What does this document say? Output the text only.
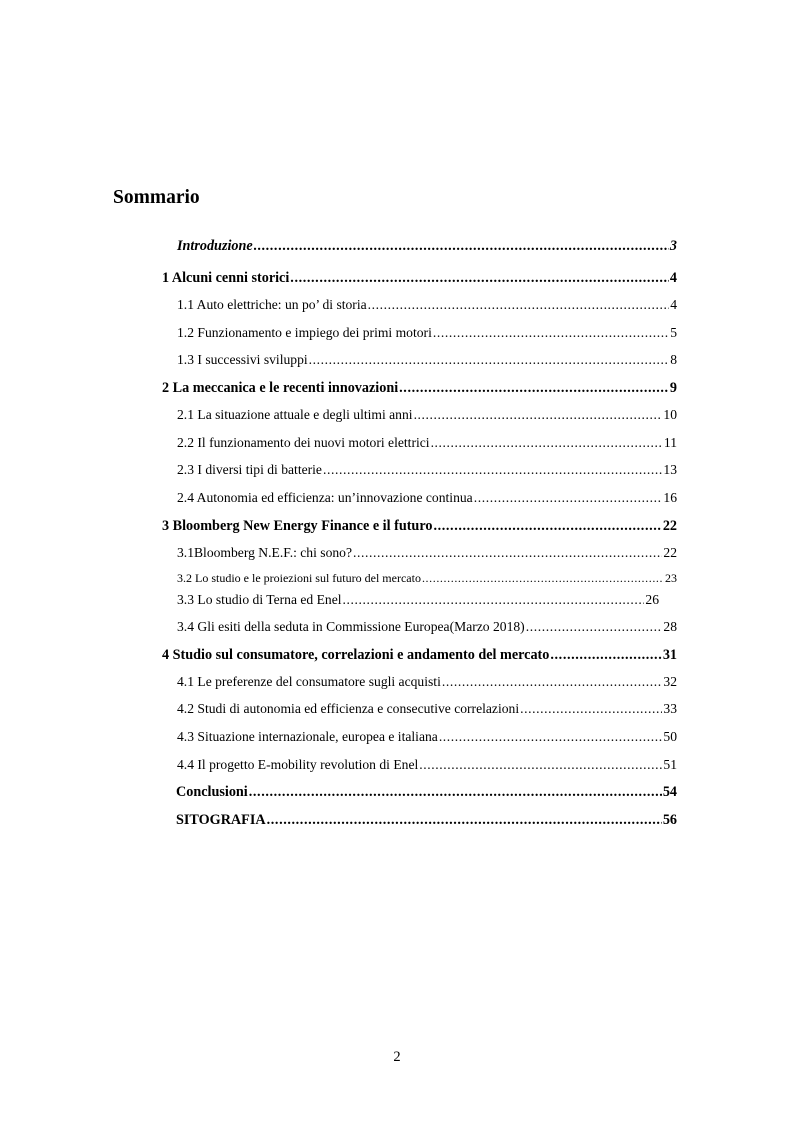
Sommario
Introduzione .....	3
1 Alcuni cenni storici .....	4
1.1 Auto elettriche: un po’ di storia .....	4
1.2 Funzionamento e impiego dei primi motori .....	5
1.3 I successivi sviluppi .....	8
2 La meccanica e le recenti innovazioni .....	9
2.1 La situazione attuale e degli ultimi anni .....	10
2.2 Il funzionamento dei nuovi motori elettrici .....	11
2.3 I diversi tipi di batterie .....	13
2.4 Autonomia ed efficienza: un’innovazione continua .....	16
3 Bloomberg New Energy Finance e il futuro .....	22
3.1Bloomberg N.E.F.: chi sono? .....	22
3.2 Lo studio e le proiezioni sul futuro del mercato .....	23
3.3 Lo studio di Terna ed Enel .....	26
3.4 Gli esiti della seduta in Commissione Europea(Marzo 2018) .....	28
4 Studio sul consumatore, correlazioni e andamento del mercato .....	31
4.1 Le preferenze del consumatore sugli acquisti .....	32
4.2 Studi di autonomia ed efficienza e consecutive correlazioni .....	33
4.3 Situazione internazionale, europea e italiana .....	50
4.4 Il progetto E-mobility revolution di Enel .....	51
Conclusioni .....	54
SITOGRAFIA .....	56

2
